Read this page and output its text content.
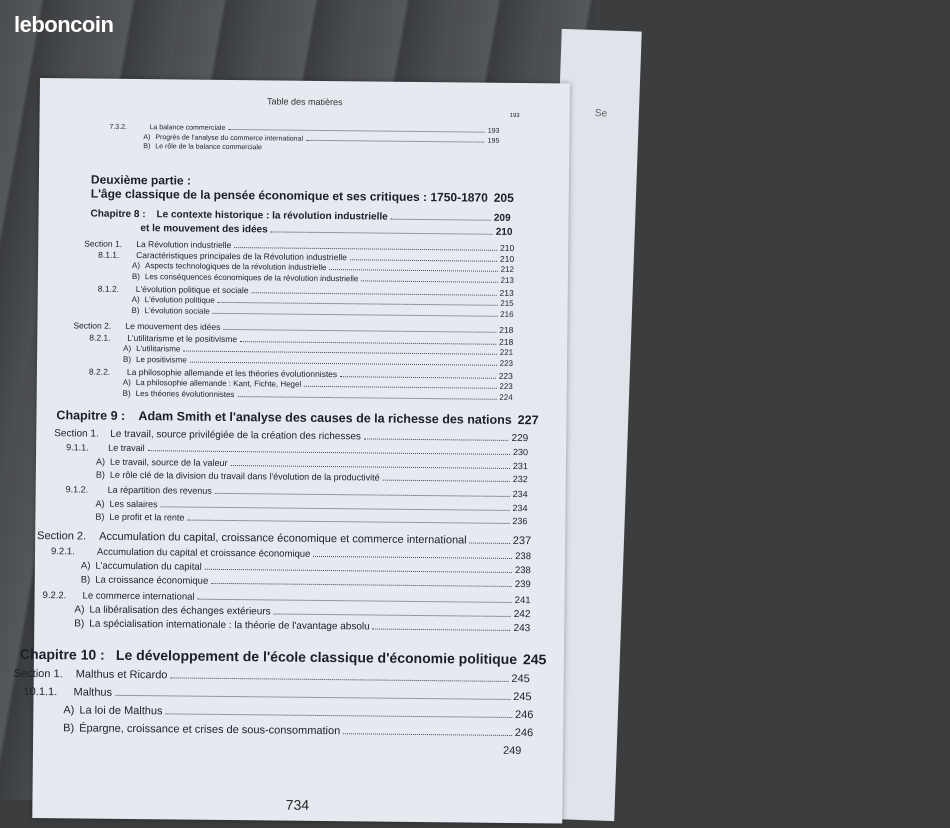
leboncoin
Se
Table des matières
Deuxième partie :
L'âge classique de la pensée économique et ses critiques : 1750-1870 205
193
7.3.2.	La balance commerciale	193
A) Progrès de l'analyse du commerce international	195
B) Le rôle de la balance commerciale
Chapitre 8 :	Le contexte historique : la révolution industrielle	209
et le mouvement des idées	210
Section 1.	La Révolution industrielle	210
8.1.1.	Caractéristiques principales de la Révolution industrielle	210
A) Aspects technologiques de la révolution industrielle	212
B) Les conséquences économiques de la révolution industrielle	213
8.1.2.	L'évolution politique et sociale	213
A) L'évolution politique	215
B) L'évolution sociale	216
Section 2.	Le mouvement des idées	218
8.2.1.	L'utilitarisme et le positivisme	218
A) L'utilitarisme	221
B) Le positivisme	223
8.2.2.	La philosophie allemande et les théories évolutionnistes	223
A) La philosophie allemande : Kant, Fichte, Hegel	223
B) Les théories évolutionnistes	224
Chapitre 9 :	Adam Smith et l'analyse des causes de la richesse des nations 227
Section 1.	Le travail, source privilégiée de la création des richesses	229
9.1.1.	Le travail	230
A) Le travail, source de la valeur	231
B) Le rôle clé de la division du travail dans l'évolution de la productivité	232
9.1.2.	La répartition des revenus	234
A) Les salaires	234
B) Le profit et la rente	236
Section 2.	Accumulation du capital, croissance économique et commerce international	237
9.2.1.	Accumulation du capital et croissance économique	238
A) L'accumulation du capital	238
B) La croissance économique	239
9.2.2.	Le commerce international	241
A) La libéralisation des échanges extérieurs	242
B) La spécialisation internationale : la théorie de l'avantage absolu	243
Chapitre 10 : Le développement de l'école classique d'économie politique 245
Section 1.	Malthus et Ricardo	245
10.1.1.	Malthus	245
A) La loi de Malthus	246
B) Épargne, croissance et crises de sous-consommation	246
249
734
